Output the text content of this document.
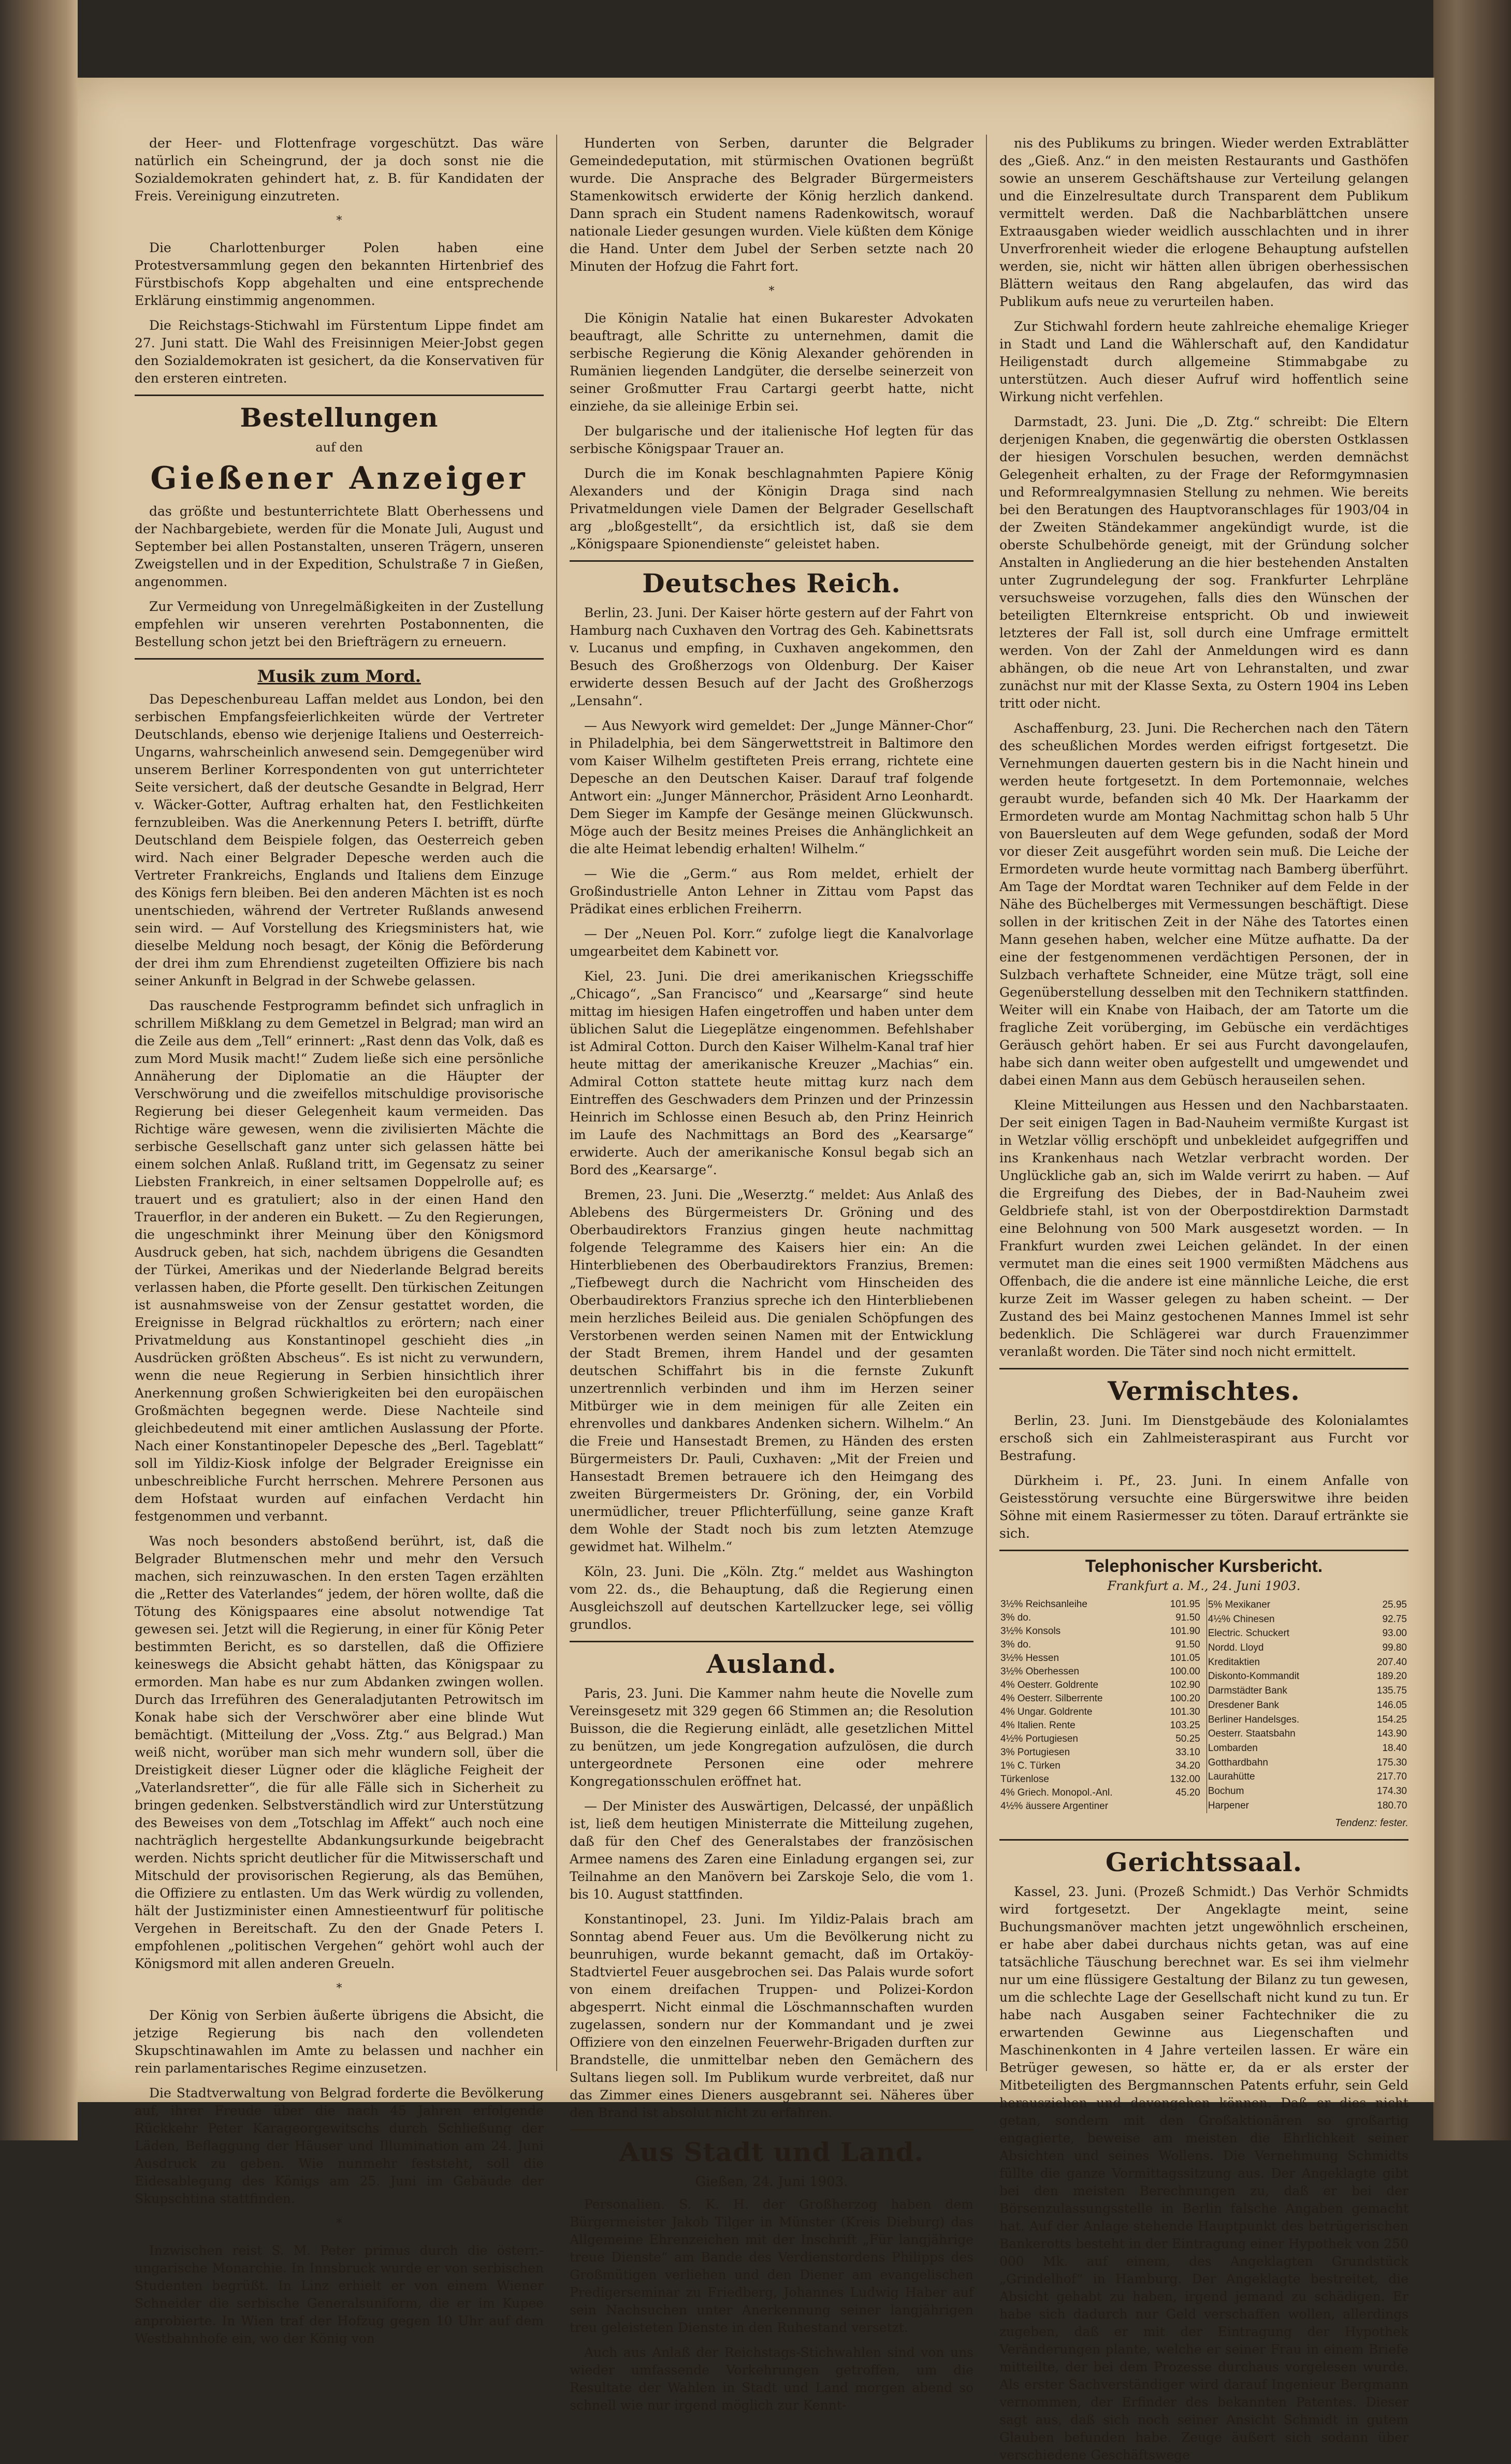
der Heer- und Flottenfrage vorgeschützt. Das wäre natürlich ein Scheingrund, der ja doch sonst nie die Sozialdemokraten gehindert hat, z. B. für Kandidaten der Freis. Vereinigung einzutreten.

*

Die Charlottenburger Polen haben eine Protestversammlung gegen den bekannten Hirtenbrief des Fürstbischofs Kopp abgehalten und eine entsprechende Erklärung einstimmig angenommen.

Die Reichstags-Stichwahl im Fürstentum Lippe findet am 27. Juni statt. Die Wahl des Freisinnigen Meier-Jobst gegen den Sozialdemokraten ist gesichert, da die Konservativen für den ersteren eintreten.

Bestellungen
auf den
Gießener Anzeiger

das größte und bestunterrichtete Blatt Oberhessens und der Nachbargebiete, werden für die Monate Juli, August und September bei allen Postanstalten, unseren Trägern, unseren Zweigstellen und in der Expedition, Schulstraße 7 in Gießen, angenommen.

Zur Vermeidung von Unregelmäßigkeiten in der Zustellung empfehlen wir unseren verehrten Postabonnenten, die Bestellung schon jetzt bei den Briefträgern zu erneuern.

Musik zum Mord.

Das Depeschenbureau Laffan meldet aus London, bei den serbischen Empfangsfeierlichkeiten würde der Vertreter Deutschlands, ebenso wie derjenige Italiens und Oesterreich-Ungarns, wahrscheinlich anwesend sein. Demgegenüber wird unserem Berliner Korrespondenten von gut unterrichteter Seite versichert, daß der deutsche Gesandte in Belgrad, Herr v. Wäcker-Gotter, Auftrag erhalten hat, den Festlichkeiten fernzubleiben. Was die Anerkennung Peters I. betrifft, dürfte Deutschland dem Beispiele folgen, das Oesterreich geben wird. Nach einer Belgrader Depesche werden auch die Vertreter Frankreichs, Englands und Italiens dem Einzuge des Königs fern bleiben. Bei den anderen Mächten ist es noch unentschieden, während der Vertreter Rußlands anwesend sein wird. — Auf Vorstellung des Kriegsministers hat, wie dieselbe Meldung noch besagt, der König die Beförderung der drei ihm zum Ehrendienst zugeteilten Offiziere bis nach seiner Ankunft in Belgrad in der Schwebe gelassen.

Das rauschende Festprogramm befindet sich unfraglich in schrillem Mißklang zu dem Gemetzel in Belgrad; man wird an die Zeile aus dem „Tell“ erinnert: „Rast denn das Volk, daß es zum Mord Musik macht!“ Zudem ließe sich eine persönliche Annäherung der Diplomatie an die Häupter der Verschwörung und die zweifellos mitschuldige provisorische Regierung bei dieser Gelegenheit kaum vermeiden. Das Richtige wäre gewesen, wenn die zivilisierten Mächte die serbische Gesellschaft ganz unter sich gelassen hätte bei einem solchen Anlaß. Rußland tritt, im Gegensatz zu seiner Liebsten Frankreich, in einer seltsamen Doppelrolle auf; es trauert und es gratuliert; also in der einen Hand den Trauerflor, in der anderen ein Bukett. — Zu den Regierungen, die ungeschminkt ihrer Meinung über den Königsmord Ausdruck geben, hat sich, nachdem übrigens die Gesandten der Türkei, Amerikas und der Niederlande Belgrad bereits verlassen haben, die Pforte gesellt. Den türkischen Zeitungen ist ausnahmsweise von der Zensur gestattet worden, die Ereignisse in Belgrad rückhaltlos zu erörtern; nach einer Privatmeldung aus Konstantinopel geschieht dies „in Ausdrücken größten Abscheus“. Es ist nicht zu verwundern, wenn die neue Regierung in Serbien hinsichtlich ihrer Anerkennung großen Schwierigkeiten bei den europäischen Großmächten begegnen werde. Diese Nachteile sind gleichbedeutend mit einer amtlichen Auslassung der Pforte. Nach einer Konstantinopeler Depesche des „Berl. Tageblatt“ soll im Yildiz-Kiosk infolge der Belgrader Ereignisse ein unbeschreibliche Furcht herrschen. Mehrere Personen aus dem Hofstaat wurden auf einfachen Verdacht hin festgenommen und verbannt.

Was noch besonders abstoßend berührt, ist, daß die Belgrader Blutmenschen mehr und mehr den Versuch machen, sich reinzuwaschen. In den ersten Tagen erzählten die „Retter des Vaterlandes“ jedem, der hören wollte, daß die Tötung des Königspaares eine absolut notwendige Tat gewesen sei. Jetzt will die Regierung, in einer für König Peter bestimmten Bericht, es so darstellen, daß die Offiziere keineswegs die Absicht gehabt hätten, das Königspaar zu ermorden. Man habe es nur zum Abdanken zwingen wollen. Durch das Irreführen des Generaladjutanten Petrowitsch im Konak habe sich der Verschwörer aber eine blinde Wut bemächtigt. (Mitteilung der „Voss. Ztg.“ aus Belgrad.) Man weiß nicht, worüber man sich mehr wundern soll, über die Dreistigkeit dieser Lügner oder die klägliche Feigheit der „Vaterlandsretter“, die für alle Fälle sich in Sicherheit zu bringen gedenken. Selbstverständlich wird zur Unterstützung des Beweises von dem „Totschlag im Affekt“ auch noch eine nachträglich hergestellte Abdankungsurkunde beigebracht werden. Nichts spricht deutlicher für die Mitwisserschaft und Mitschuld der provisorischen Regierung, als das Bemühen, die Offiziere zu entlasten. Um das Werk würdig zu vollenden, hält der Justizminister einen Amnestieentwurf für politische Vergehen in Bereitschaft. Zu den der Gnade Peters I. empfohlenen „politischen Vergehen“ gehört wohl auch der Königsmord mit allen anderen Greueln.

*

Der König von Serbien äußerte übrigens die Absicht, die jetzige Regierung bis nach den vollendeten Skupschtinawahlen im Amte zu belassen und nachher ein rein parlamentarisches Regime einzusetzen.

Die Stadtverwaltung von Belgrad forderte die Bevölkerung auf, ihrer Freude über die nach 45 Jahren erfolgende Rückkehr Peter Karageorgewitschs durch Schließung der Läden, Beflaggung der Häuser und Illumination am 24. Juni Ausdruck zu geben. Wie nunmehr feststeht, soll die Eidesablegung des Königs am 25. Juni im Gebäude der Skupschtina stattfinden.

*

Inzwischen reist S. M. Peter primus durch die österr.-ungarische Monarchie. In Innsbruck wurde er von serbischen Studenten begrüßt. In Linz erhielt er von einem Wiener Schneider die serbische Generalsuniform, die er im Kupee anprobierte. In Wien traf der Hofzug gegen 10 Uhr auf dem Westbahnhofe ein, wo der König von

Hunderten von Serben, darunter die Belgrader Gemeindedeputation, mit stürmischen Ovationen begrüßt wurde. Die Ansprache des Belgrader Bürgermeisters Stamenkowitsch erwiderte der König herzlich dankend. Dann sprach ein Student namens Radenkowitsch, worauf nationale Lieder gesungen wurden. Viele küßten dem Könige die Hand. Unter dem Jubel der Serben setzte nach 20 Minuten der Hofzug die Fahrt fort.

*

Die Königin Natalie hat einen Bukarester Advokaten beauftragt, alle Schritte zu unternehmen, damit die serbische Regierung die König Alexander gehörenden in Rumänien liegenden Landgüter, die derselbe seinerzeit von seiner Großmutter Frau Cartargi geerbt hatte, nicht einziehe, da sie alleinige Erbin sei.

Der bulgarische und der italienische Hof legten für das serbische Königspaar Trauer an.

Durch die im Konak beschlagnahmten Papiere König Alexanders und der Königin Draga sind nach Privatmeldungen viele Damen der Belgrader Gesellschaft arg „bloßgestellt“, da ersichtlich ist, daß sie dem „Königspaare Spionendienste“ geleistet haben.

Deutsches Reich.

Berlin, 23. Juni. Der Kaiser hörte gestern auf der Fahrt von Hamburg nach Cuxhaven den Vortrag des Geh. Kabinettsrats v. Lucanus und empfing, in Cuxhaven angekommen, den Besuch des Großherzogs von Oldenburg. Der Kaiser erwiderte dessen Besuch auf der Jacht des Großherzogs „Lensahn“.

— Aus Newyork wird gemeldet: Der „Junge Männer-Chor“ in Philadelphia, bei dem Sängerwettstreit in Baltimore den vom Kaiser Wilhelm gestifteten Preis errang, richtete eine Depesche an den Deutschen Kaiser. Darauf traf folgende Antwort ein: „Junger Männerchor, Präsident Arno Leonhardt. Dem Sieger im Kampfe der Gesänge meinen Glückwunsch. Möge auch der Besitz meines Preises die Anhänglichkeit an die alte Heimat lebendig erhalten! Wilhelm.“

— Wie die „Germ.“ aus Rom meldet, erhielt der Großindustrielle Anton Lehner in Zittau vom Papst das Prädikat eines erblichen Freiherrn.

— Der „Neuen Pol. Korr.“ zufolge liegt die Kanalvorlage umgearbeitet dem Kabinett vor.

Kiel, 23. Juni. Die drei amerikanischen Kriegsschiffe „Chicago“, „San Francisco“ und „Kearsarge“ sind heute mittag im hiesigen Hafen eingetroffen und haben unter dem üblichen Salut die Liegeplätze eingenommen. Befehlshaber ist Admiral Cotton. Durch den Kaiser Wilhelm-Kanal traf hier heute mittag der amerikanische Kreuzer „Machias“ ein. Admiral Cotton stattete heute mittag kurz nach dem Eintreffen des Geschwaders dem Prinzen und der Prinzessin Heinrich im Schlosse einen Besuch ab, den Prinz Heinrich im Laufe des Nachmittags an Bord des „Kearsarge“ erwiderte. Auch der amerikanische Konsul begab sich an Bord des „Kearsarge“.

Bremen, 23. Juni. Die „Weserztg.“ meldet: Aus Anlaß des Ablebens des Bürgermeisters Dr. Gröning und des Oberbaudirektors Franzius gingen heute nachmittag folgende Telegramme des Kaisers hier ein: An die Hinterbliebenen des Oberbaudirektors Franzius, Bremen: „Tiefbewegt durch die Nachricht vom Hinscheiden des Oberbaudirektors Franzius spreche ich den Hinterbliebenen mein herzliches Beileid aus. Die genialen Schöpfungen des Verstorbenen werden seinen Namen mit der Entwicklung der Stadt Bremen, ihrem Handel und der gesamten deutschen Schiffahrt bis in die fernste Zukunft unzertrennlich verbinden und ihm im Herzen seiner Mitbürger wie in dem meinigen für alle Zeiten ein ehrenvolles und dankbares Andenken sichern. Wilhelm.“ An die Freie und Hansestadt Bremen, zu Händen des ersten Bürgermeisters Dr. Pauli, Cuxhaven: „Mit der Freien und Hansestadt Bremen betrauere ich den Heimgang des zweiten Bürgermeisters Dr. Gröning, der, ein Vorbild unermüdlicher, treuer Pflichterfüllung, seine ganze Kraft dem Wohle der Stadt noch bis zum letzten Atemzuge gewidmet hat. Wilhelm.“

Köln, 23. Juni. Die „Köln. Ztg.“ meldet aus Washington vom 22. ds., die Behauptung, daß die Regierung einen Ausgleichszoll auf deutschen Kartellzucker lege, sei völlig grundlos.

Ausland.

Paris, 23. Juni. Die Kammer nahm heute die Novelle zum Vereinsgesetz mit 329 gegen 66 Stimmen an; die Resolution Buisson, die die Regierung einlädt, alle gesetzlichen Mittel zu benützen, um jede Kongregation aufzulösen, die durch untergeordnete Personen eine oder mehrere Kongregationsschulen eröffnet hat.

— Der Minister des Auswärtigen, Delcassé, der unpäßlich ist, ließ dem heutigen Ministerrate die Mitteilung zugehen, daß für den Chef des Generalstabes der französischen Armee namens des Zaren eine Einladung ergangen sei, zur Teilnahme an den Manövern bei Zarskoje Selo, die vom 1. bis 10. August stattfinden.

Konstantinopel, 23. Juni. Im Yildiz-Palais brach am Sonntag abend Feuer aus. Um die Bevölkerung nicht zu beunruhigen, wurde bekannt gemacht, daß im Ortaköy-Stadtviertel Feuer ausgebrochen sei. Das Palais wurde sofort von einem dreifachen Truppen- und Polizei-Kordon abgesperrt. Nicht einmal die Löschmannschaften wurden zugelassen, sondern nur der Kommandant und je zwei Offiziere von den einzelnen Feuerwehr-Brigaden durften zur Brandstelle, die unmittelbar neben den Gemächern des Sultans liegen soll. Im Publikum wurde verbreitet, daß nur das Zimmer eines Dieners ausgebrannt sei. Näheres über den Brand ist absolut nicht zu erfahren.

Aus Stadt und Land.
Gießen, 24. Juni 1903.

Personalien. S. K. H. der Großherzog haben dem Bürgermeister Jakob Tilger in Münster (Kreis Dieburg) das Allgemeine Ehrenzeichen mit der Inschrift „Für langjährige treue Dienste“ am Bande des Verdienstordens Philipps des Großmütigen verliehen und den Diener am evangelischen Predigerseminar zu Friedberg, Johannes Ludwig Haber auf sein Nachsuchen unter Anerkennung seiner langjährigen treu geleisteten Dienste in den Ruhestand versetzt.

Auch aus Anlaß der Reichstags-Stichwahlen sind von uns wieder umfassende Vorkehrungen getroffen, um die Resultate der Wahlen in Stadt und Land morgen abend so schnell wie nur irgend möglich zur Kennt-

nis des Publikums zu bringen. Wieder werden Extrablätter des „Gieß. Anz.“ in den meisten Restaurants und Gasthöfen sowie an unserem Geschäftshause zur Verteilung gelangen und die Einzelresultate durch Transparent dem Publikum vermittelt werden. Daß die Nachbarblättchen unsere Extraausgaben wieder weidlich ausschlachten und in ihrer Unverfrorenheit wieder die erlogene Behauptung aufstellen werden, sie, nicht wir hätten allen übrigen oberhessischen Blättern weitaus den Rang abgelaufen, das wird das Publikum aufs neue zu verurteilen haben.

Zur Stichwahl fordern heute zahlreiche ehemalige Krieger in Stadt und Land die Wählerschaft auf, den Kandidatur Heiligenstadt durch allgemeine Stimmabgabe zu unterstützen. Auch dieser Aufruf wird hoffentlich seine Wirkung nicht verfehlen.

Darmstadt, 23. Juni. Die „D. Ztg.“ schreibt: Die Eltern derjenigen Knaben, die gegenwärtig die obersten Ostklassen der hiesigen Vorschulen besuchen, werden demnächst Gelegenheit erhalten, zu der Frage der Reformgymnasien und Reformrealgymnasien Stellung zu nehmen. Wie bereits bei den Beratungen des Hauptvoranschlages für 1903/04 in der Zweiten Ständekammer angekündigt wurde, ist die oberste Schulbehörde geneigt, mit der Gründung solcher Anstalten in Angliederung an die hier bestehenden Anstalten unter Zugrundelegung der sog. Frankfurter Lehrpläne versuchsweise vorzugehen, falls dies den Wünschen der beteiligten Elternkreise entspricht. Ob und inwieweit letzteres der Fall ist, soll durch eine Umfrage ermittelt werden. Von der Zahl der Anmeldungen wird es dann abhängen, ob die neue Art von Lehranstalten, und zwar zunächst nur mit der Klasse Sexta, zu Ostern 1904 ins Leben tritt oder nicht.

Aschaffenburg, 23. Juni. Die Recherchen nach den Tätern des scheußlichen Mordes werden eifrigst fortgesetzt. Die Vernehmungen dauerten gestern bis in die Nacht hinein und werden heute fortgesetzt. In dem Portemonnaie, welches geraubt wurde, befanden sich 40 Mk. Der Haarkamm der Ermordeten wurde am Montag Nachmittag schon halb 5 Uhr von Bauersleuten auf dem Wege gefunden, sodaß der Mord vor dieser Zeit ausgeführt worden sein muß. Die Leiche der Ermordeten wurde heute vormittag nach Bamberg überführt. Am Tage der Mordtat waren Techniker auf dem Felde in der Nähe des Büchelberges mit Vermessungen beschäftigt. Diese sollen in der kritischen Zeit in der Nähe des Tatortes einen Mann gesehen haben, welcher eine Mütze aufhatte. Da der eine der festgenommenen verdächtigen Personen, der in Sulzbach verhaftete Schneider, eine Mütze trägt, soll eine Gegenüberstellung desselben mit den Technikern stattfinden. Weiter will ein Knabe von Haibach, der am Tatorte um die fragliche Zeit vorüberging, im Gebüsche ein verdächtiges Geräusch gehört haben. Er sei aus Furcht davongelaufen, habe sich dann weiter oben aufgestellt und umgewendet und dabei einen Mann aus dem Gebüsch herauseilen sehen.

Kleine Mitteilungen aus Hessen und den Nachbarstaaten. Der seit einigen Tagen in Bad-Nauheim vermißte Kurgast ist in Wetzlar völlig erschöpft und unbekleidet aufgegriffen und ins Krankenhaus nach Wetzlar verbracht worden. Der Unglückliche gab an, sich im Walde verirrt zu haben. — Auf die Ergreifung des Diebes, der in Bad-Nauheim zwei Geldbriefe stahl, ist von der Oberpostdirektion Darmstadt eine Belohnung von 500 Mark ausgesetzt worden. — In Frankfurt wurden zwei Leichen geländet. In der einen vermutet man die eines seit 1900 vermißten Mädchens aus Offenbach, die die andere ist eine männliche Leiche, die erst kurze Zeit im Wasser gelegen zu haben scheint. — Der Zustand des bei Mainz gestochenen Mannes Immel ist sehr bedenklich. Die Schlägerei war durch Frauenzimmer veranlaßt worden. Die Täter sind noch nicht ermittelt.

Vermischtes.

Berlin, 23. Juni. Im Dienstgebäude des Kolonialamtes erschoß sich ein Zahlmeisteraspirant aus Furcht vor Bestrafung.

Dürkheim i. Pf., 23. Juni. In einem Anfalle von Geistesstörung versuchte eine Bürgerswitwe ihre beiden Söhne mit einem Rasiermesser zu töten. Darauf ertränkte sie sich.

Telephonischer Kursbericht.
Frankfurt a. M., 24. Juni 1903.
3½% Reichsanleihe	101.95
3% do.	91.50
3½% Konsols	101.90
3% do.	91.50
3½% Hessen	101.05
3½% Oberhessen	100.00
4% Oesterr. Goldrente	102.90
4% Oesterr. Silberrente	100.20
4% Ungar. Goldrente	101.30
4% Italien. Rente	103.25
4½% Portugiesen	50.25
3% Portugiesen	33.10
1% C. Türken	34.20
Türkenlose	132.00
4% Griech. Monopol.-Anl.	45.20
4½% äussere Argentiner	
5% Mexikaner	25.95
4½% Chinesen	92.75
Electric. Schuckert	93.00
Nordd. Lloyd	99.80
Kreditaktien	207.40
Diskonto-Kommandit	189.20
Darmstädter Bank	135.75
Dresdener Bank	146.05
Berliner Handelsges.	154.25
Oesterr. Staatsbahn	143.90
Lombarden	18.40
Gotthardbahn	175.30
Laurahütte	217.70
Bochum	174.30
Harpener	180.70
Tendenz: fester.
Gerichtssaal.

Kassel, 23. Juni. (Prozeß Schmidt.) Das Verhör Schmidts wird fortgesetzt. Der Angeklagte meint, seine Buchungsmanöver machten jetzt ungewöhnlich erscheinen, er habe aber dabei durchaus nichts getan, was auf eine tatsächliche Täuschung berechnet war. Es sei ihm vielmehr nur um eine flüssigere Gestaltung der Bilanz zu tun gewesen, um die schlechte Lage der Gesellschaft nicht kund zu tun. Er habe nach Ausgaben seiner Fachtechniker die zu erwartenden Gewinne aus Liegenschaften und Maschinenkonten in 4 Jahre verteilen lassen. Er wäre ein Betrüger gewesen, so hätte er, da er als erster der Mitbeteiligten des Bergmannschen Patents erfuhr, sein Geld herausziehen und davongehen können. Daß er dies nicht getan, sondern mit den Großaktionären so großartig engagierte, beweise am meisten die Ehrlichkeit seiner Absichten und seines Wollens. Die Vernehmung Schmidts füllte die ganze Vormittagssitzung aus. Der Angeklagte gibt bei den meisten Berechnungen zu, daß er bei der Börsenzulassungsstelle in Berlin falsche Angaben gemacht hat. Auf der Anlage stehende Hauptpunkt des betrügerischen Bankerotts besteht in der Eintragung einer Hypothek von 250 000 Mk. auf einem, des Angeklagten Grundstück „Grindelhof“ in Hamburg. Der Angeklagte bestreitet, die Absicht gehabt zu haben, irgend jemand zu schädigen. Er habe sich dadurch nur Geld verschaffen wollen, allerdings zugeben, daß er mit der Eintragung der Hypothek Veränderungen plante, welche er seiner Frau in einem Briefe mitteilte, der bei dem Prozesse durchaus vorgelesen wurde. Als erster Sachverständiger wird darauf Ingenieur Bergmann vernommen, der Erfinder des bekannten Patentes. Dieser sagt aus, daß sich noch seiner Ansicht Schmidt in gutem Glauben befunden habe. Zeuge äußert sich sodann über verschiedene Geschäftswege
